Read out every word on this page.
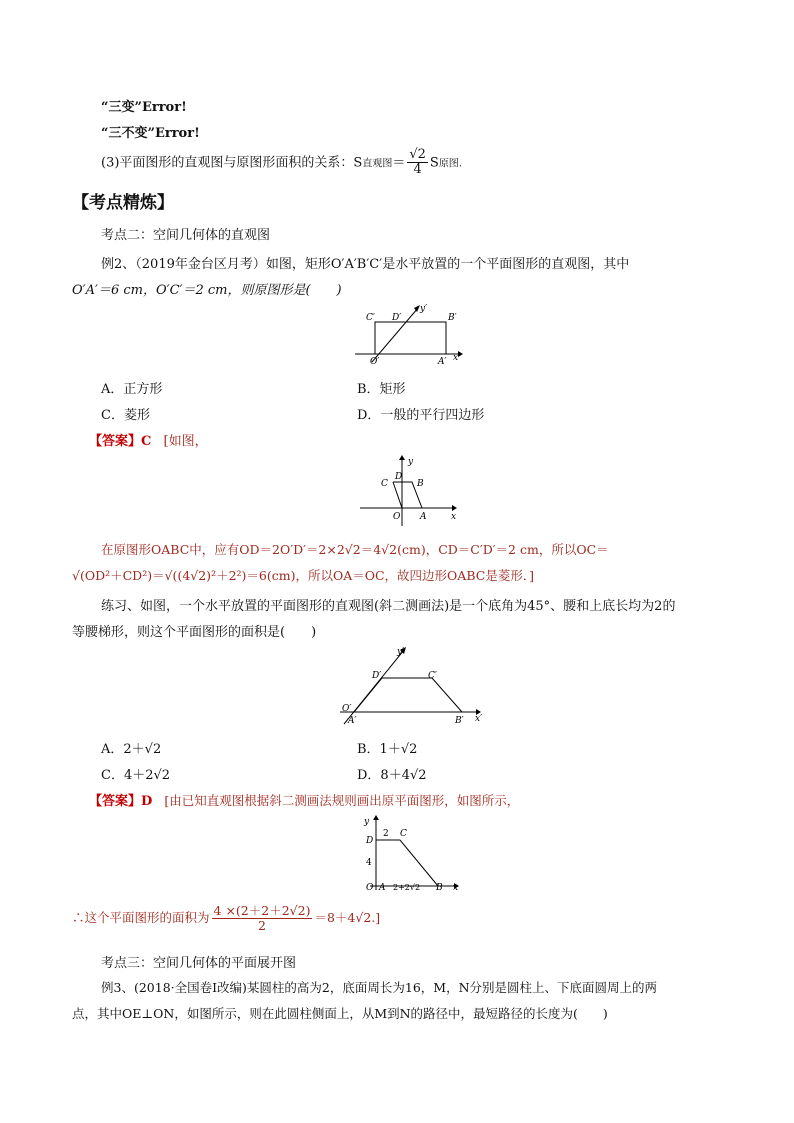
“三变”Error!
“三不变”Error!
(3)平面图形的直观图与原图形面积的关系：S直观图＝ $\frac{√2}{4}$ S原图.
【考点精炼】
考点二：空间几何体的直观图
例2、（2019年金台区月考）如图，矩形O′A′B′C′是水平放置的一个平面图形的直观图，其中
O′A′＝6 cm，O′C′＝2 cm，则原图形是(　　)
C′ D′	B′
y′
O′	A′ x′
A．正方形	B．矩形
C．菱形	D．一般的平行四边形
【答案】C [如图，
y
D
C	B
O A	x
在原图形OABC中，应有OD＝2O′D′＝2×2√2＝4√2(cm)，CD＝C′D′＝2 cm，所以OC＝
√(OD²＋CD²)＝√((4√2)²＋2²)＝6(cm)，所以OA＝OC，故四边形OABC是菱形．]
练习、如图，一个水平放置的平面图形的直观图(斜二测画法)是一个底角为45°、腰和上底长均为2的
等腰梯形，则这个平面图形的面积是(　　)
y′
D′	C′
O′
A′	B′ x′
A．2＋√2	B．1＋√2
C．4＋2√2	D．8＋4√2
【答案】D [由已知直观图根据斜二测画法规则画出原平面图形，如图所示，
y
D
2 C
4
O A 2+2√2 B x
∴这个平面图形的面积为 $\frac{4 \times(2+2+2√2)}{2} =8+4√2$.]
考点三：空间几何体的平面展开图
例3、(2018·全国卷Ⅰ改编)某圆柱的高为2，底面周长为16，M，N分别是圆柱上、下底面圆周上的两
点，其中OE⊥ON，如图所示，则在此圆柱侧面上，从M到N的路径中，最短路径的长度为(　　)
